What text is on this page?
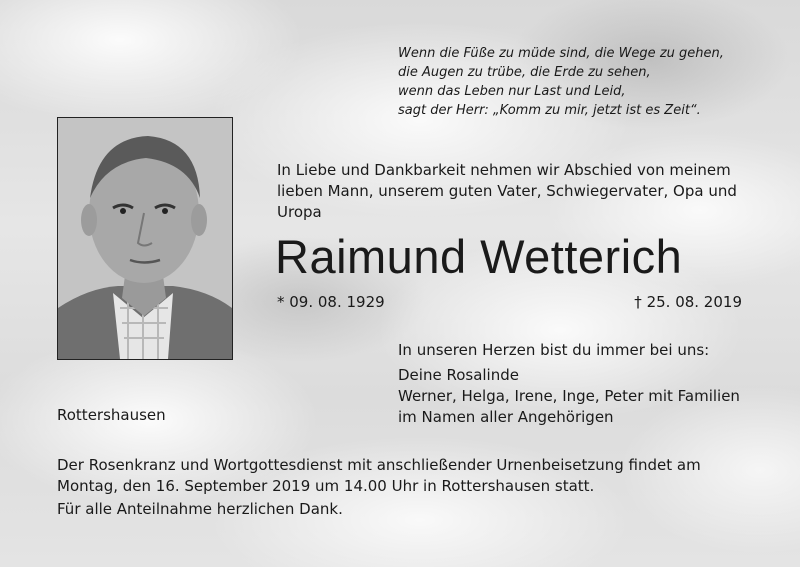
Wenn die Füße zu müde sind, die Wege zu gehen,
die Augen zu trübe, die Erde zu sehen,
wenn das Leben nur Last und Leid,
sagt der Herr: „Komm zu mir, jetzt ist es Zeit“.
In Liebe und Dankbarkeit nehmen wir Abschied von meinem
lieben Mann, unserem guten Vater, Schwiegervater, Opa und
Uropa
Raimund Wetterich
* 09. 08. 1929	† 25. 08. 2019
In unseren Herzen bist du immer bei uns:
Deine Rosalinde
Werner, Helga, Irene, Inge, Peter mit Familien
im Namen aller Angehörigen
Rottershausen
Der Rosenkranz und Wortgottesdienst mit anschließender Urnenbeisetzung findet am
Montag, den 16. September 2019 um 14.00 Uhr in Rottershausen statt.
Für alle Anteilnahme herzlichen Dank.
